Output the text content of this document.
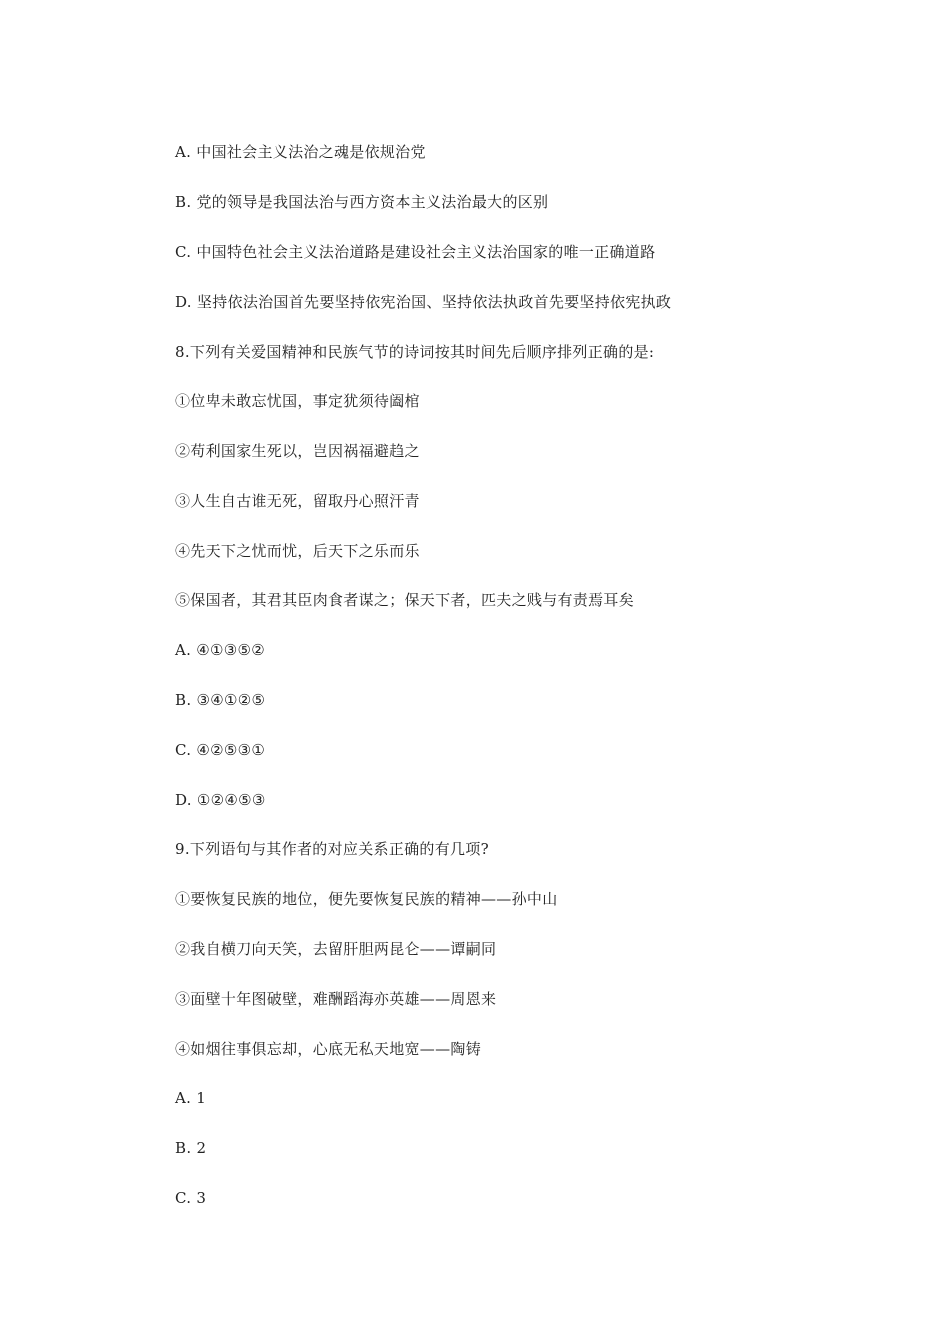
A. 中国社会主义法治之魂是依规治党

B. 党的领导是我国法治与西方资本主义法治最大的区别

C. 中国特色社会主义法治道路是建设社会主义法治国家的唯一正确道路

D. 坚持依法治国首先要坚持依宪治国、坚持依法执政首先要坚持依宪执政

8.下列有关爱国精神和民族气节的诗词按其时间先后顺序排列正确的是:

①位卑未敢忘忧国，事定犹须待阖棺

②苟利国家生死以，岂因祸福避趋之

③人生自古谁无死，留取丹心照汗青

④先天下之忧而忧，后天下之乐而乐

⑤保国者，其君其臣肉食者谋之；保天下者，匹夫之贱与有责焉耳矣

A. ④①③⑤②

B. ③④①②⑤

C. ④②⑤③①

D. ①②④⑤③

9.下列语句与其作者的对应关系正确的有几项?

①要恢复民族的地位，便先要恢复民族的精神——孙中山

②我自横刀向天笑，去留肝胆两昆仑——谭嗣同

③面壁十年图破壁，难酬蹈海亦英雄——周恩来

④如烟往事俱忘却，心底无私天地宽——陶铸

A. 1

B. 2

C. 3
